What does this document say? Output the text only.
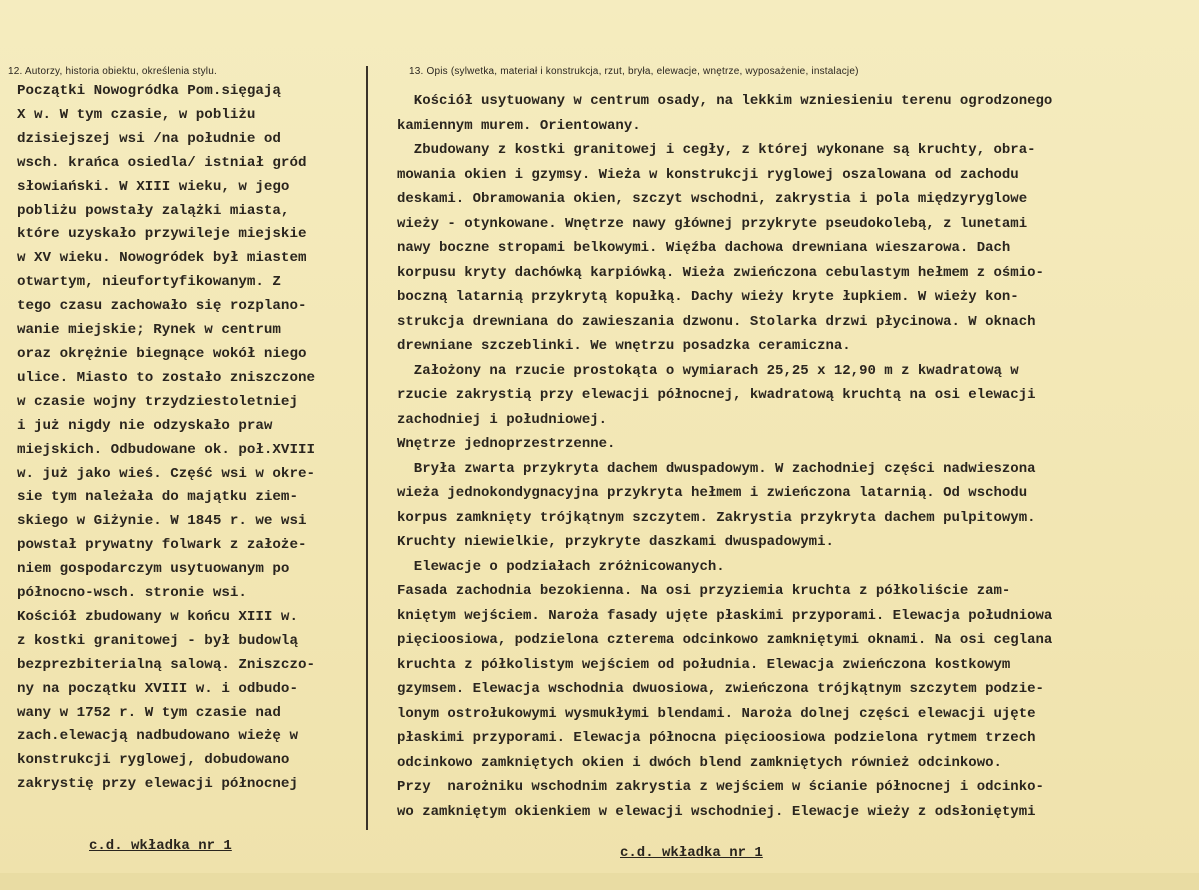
12. Autorzy, historia obiektu, określenia stylu.	13. Opis (sylwetka, materiał i konstrukcja, rzut, bryła, elewacje, wnętrze, wyposażenie, instalacje)
Początki Nowogródka Pom.sięgają
X w. W tym czasie, w pobliżu
dzisiejszej wsi /na południe od
wsch. krańca osiedla/ istniał gród
słowiański. W XIII wieku, w jego
pobliżu powstały zalążki miasta,
które uzyskało przywileje miejskie
w XV wieku. Nowogródek był miastem
otwartym, nieufortyfikowanym. Z
tego czasu zachowało się rozplano-
wanie miejskie; Rynek w centrum
oraz okrężnie biegnące wokół niego
ulice. Miasto to zostało zniszczone
w czasie wojny trzydziestoletniej
i już nigdy nie odzyskało praw
miejskich. Odbudowane ok. poł.XVIII
w. już jako wieś. Część wsi w okre-
sie tym należała do majątku ziem-
skiego w Giżynie. W 1845 r. we wsi
powstał prywatny folwark z założe-
niem gospodarczym usytuowanym po
północno-wsch. stronie wsi.
Kościół zbudowany w końcu XIII w.
z kostki granitowej - był budowlą
bezprezbiterialną salową. Zniszczo-
ny na początku XVIII w. i odbudo-
wany w 1752 r. W tym czasie nad
zach.elewacją nadbudowano wieżę w
konstrukcji ryglowej, dobudowano
zakrystię przy elewacji północnej
Kościół usytuowany w centrum osady, na lekkim wzniesieniu terenu ogrodzonego
kamiennym murem. Orientowany.
Zbudowany z kostki granitowej i cegły, z której wykonane są kruchty, obra-
mowania okien i gzymsy. Wieża w konstrukcji ryglowej oszalowana od zachodu
deskami. Obramowania okien, szczyt wschodni, zakrystia i pola międzyryglowe
wieży - otynkowane. Wnętrze nawy głównej przykryte pseudokolebą, z lunetami
nawy boczne stropami belkowymi. Więźba dachowa drewniana wieszarowa. Dach
korpusu kryty dachówką karpiówką. Wieża zwieńczona cebulastym hełmem z ośmio-
boczną latarnią przykrytą kopułką. Dachy wieży kryte łupkiem. W wieży kon-
strukcja drewniana do zawieszania dzwonu. Stolarka drzwi płycinowa. W oknach
drewniane szczeblinki. We wnętrzu posadzka ceramiczna.
Założony na rzucie prostokąta o wymiarach 25,25 x 12,90 m z kwadratową w
rzucie zakrystią przy elewacji północnej, kwadratową kruchtą na osi elewacji
zachodniej i południowej.
Wnętrze jednoprzestrzenne.
Bryła zwarta przykryta dachem dwuspadowym. W zachodniej części nadwieszona
wieża jednokondygnacyjna przykryta hełmem i zwieńczona latarnią. Od wschodu
korpus zamknięty trójkątnym szczytem. Zakrystia przykryta dachem pulpitowym.
Kruchty niewielkie, przykryte daszkami dwuspadowymi.
Elewacje o podziałach zróżnicowanych.
Fasada zachodnia bezokienna. Na osi przyziemia kruchta z półkoliście zam-
kniętym wejściem. Naroża fasady ujęte płaskimi przyporami. Elewacja południowa
pięcioosiowa, podzielona czterema odcinkowo zamkniętymi oknami. Na osi ceglana
kruchta z półkolistym wejściem od południa. Elewacja zwieńczona kostkowym
gzymsem. Elewacja wschodnia dwuosiowa, zwieńczona trójkątnym szczytem podzie-
lonym ostrołukowymi wysmukłymi blendami. Naroża dolnej części elewacji ujęte
płaskimi przyporami. Elewacja północna pięcioosiowa podzielona rytmem trzech
odcinkowo zamkniętych okien i dwóch blend zamkniętych również odcinkowo.
Przy  narożniku wschodnim zakrystia z wejściem w ścianie północnej i odcinko-
wo zamkniętym okienkiem w elewacji wschodniej. Elewacje wieży z odsłoniętymi
c.d. wkładka nr 1	c.d. wkładka nr 1
